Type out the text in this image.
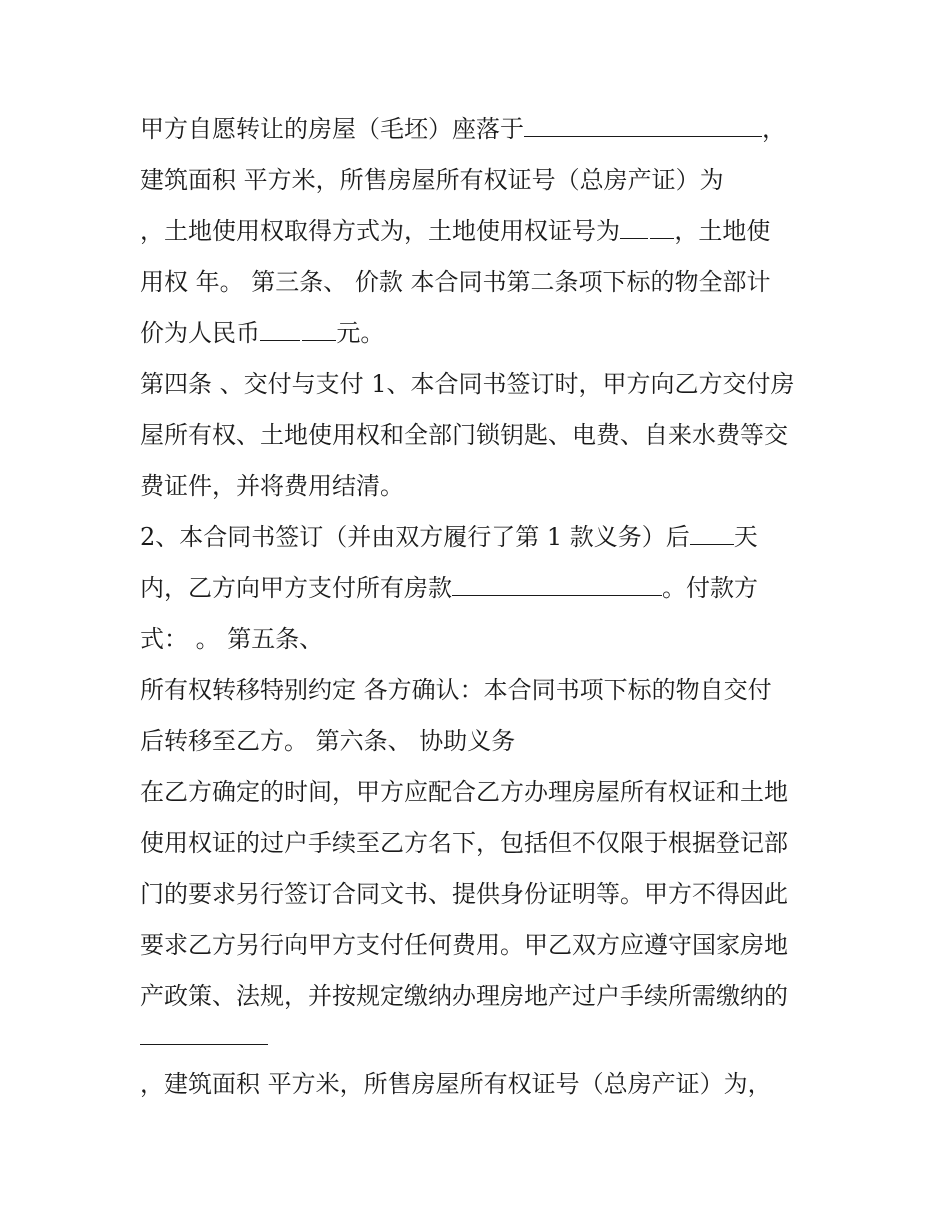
甲方自愿转让的房屋（毛坯）座落于	，
建筑面积 平方米，所售房屋所有权证号（总房产证）为
，土地使用权取得方式为，土地使用权证号为  ，土地使
用权 年。 第三条、 价款 本合同书第二条项下标的物全部计
价为人民币 	元。
第四条 、交付与支付 1、本合同书签订时，甲方向乙方交付房
屋所有权、土地使用权和全部门锁钥匙、电费、自来水费等交
费证件，并将费用结清。
2、本合同书签订（并由双方履行了第 1 款义务）后 天
内，乙方向甲方支付所有房款	。付款方
式： 。 第五条、
所有权转移特别约定 各方确认：本合同书项下标的物自交付
后转移至乙方。 第六条、 协助义务
在乙方确定的时间，甲方应配合乙方办理房屋所有权证和土地
使用权证的过户手续至乙方名下，包括但不仅限于根据登记部
门的要求另行签订合同文书、提供身份证明等。甲方不得因此
要求乙方另行向甲方支付任何费用。甲乙双方应遵守国家房地
产政策、法规，并按规定缴纳办理房地产过户手续所需缴纳的
，建筑面积 平方米，所售房屋所有权证号（总房产证）为，
